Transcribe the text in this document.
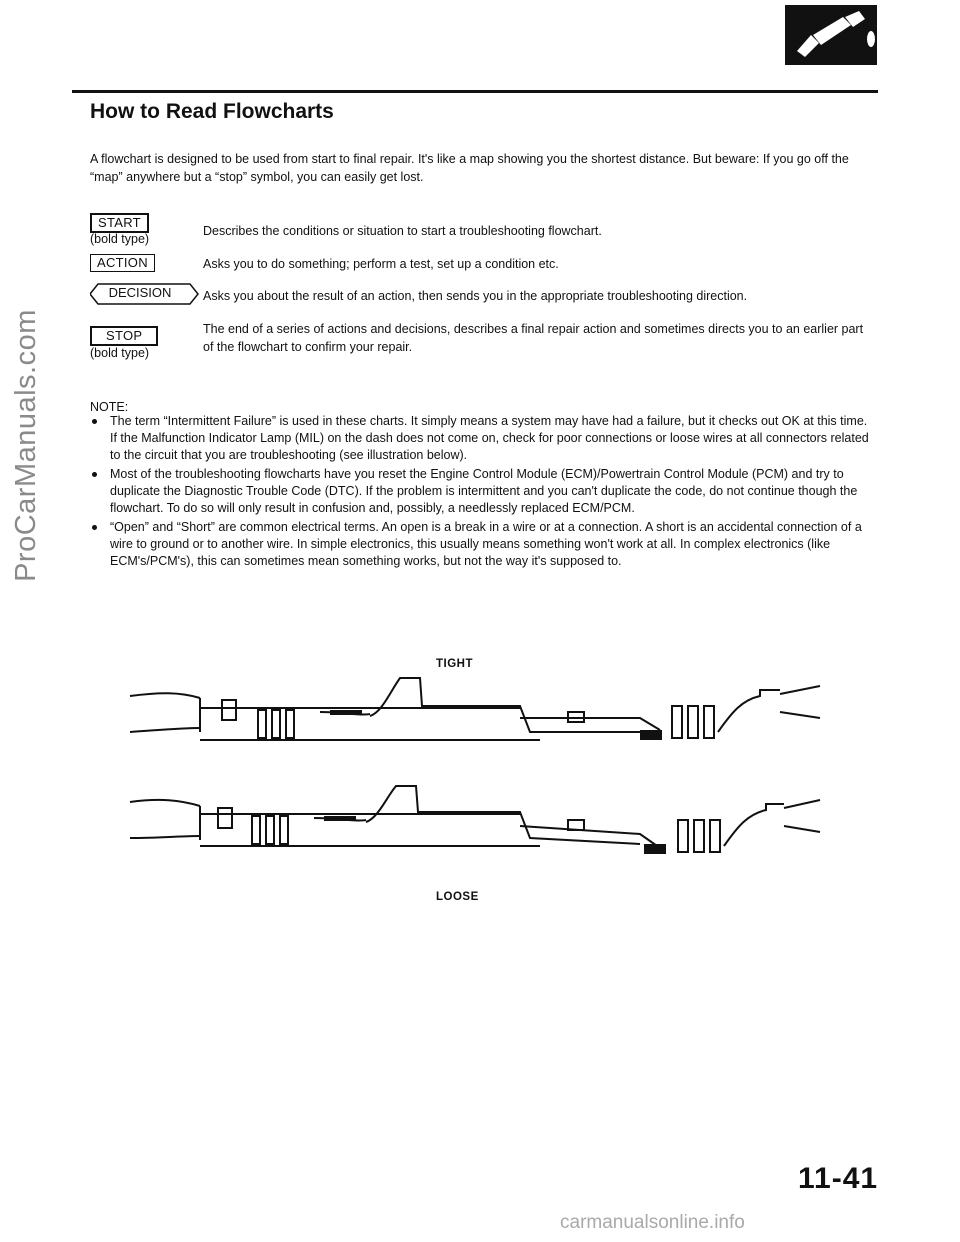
ProCarManuals.com
How to Read Flowcharts
A flowchart is designed to be used from start to final repair. It's like a map showing you the shortest distance. But beware: If you go off the “map” anywhere but a “stop” symbol, you can easily get lost.
START
(bold type)
Describes the conditions or situation to start a troubleshooting flowchart.
ACTION	Asks you to do something; perform a test, set up a condition etc.
DECISION	Asks you about the result of an action, then sends you in the appropriate troubleshooting direction.
STOP
(bold type)
The end of a series of actions and decisions, describes a final repair action and sometimes directs you to an earlier part of the flowchart to confirm your repair.
NOTE:
The term “Intermittent Failure” is used in these charts. It simply means a system may have had a failure, but it checks out OK at this time. If the Malfunction Indicator Lamp (MIL) on the dash does not come on, check for poor connections or loose wires at all connectors related to the circuit that you are troubleshooting (see illustration below).
Most of the troubleshooting flowcharts have you reset the Engine Control Module (ECM)/Powertrain Control Module (PCM) and try to duplicate the Diagnostic Trouble Code (DTC). If the problem is intermittent and you can't duplicate the code, do not continue though the flowchart. To do so will only result in confusion and, possibly, a needlessly replaced ECM/PCM.
“Open” and “Short” are common electrical terms. An open is a break in a wire or at a connection. A short is an accidental connection of a wire to ground or to another wire. In simple electronics, this usually means something won't work at all. In complex electronics (like ECM's/PCM's), this can sometimes mean something works, but not the way it's supposed to.
TIGHT
LOOSE
11-41
carmanualsonline.info
